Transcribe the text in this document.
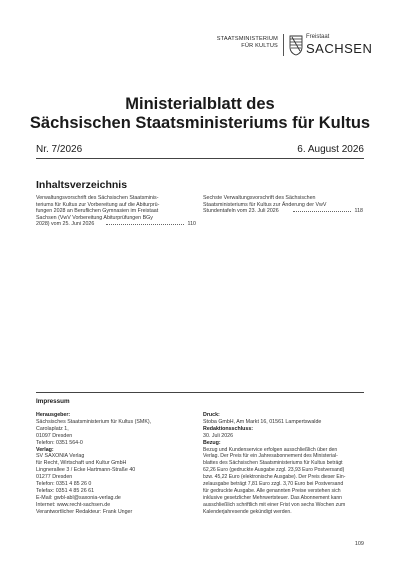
STAATSMINISTERIUM
FÜR KULTUS
Freistaat
SACHSEN
Ministerialblatt des
Sächsischen Staatsministeriums für Kultus
Nr. 7/2026	6. August 2026
Inhaltsverzeichnis
Verwaltungsvorschrift des Sächsischen Staatsminis-
teriums für Kultus zur Vorbereitung auf die Abiturprü-
fungen 2028 an Beruflichen Gymnasien im Freistaat
Sachsen (VwV Vorbereitung Abiturprüfungen BGy
2028) vom 25. Juni 2026	110
Sechste Verwaltungsvorschrift des Sächsischen
Staatsministeriums für Kultus zur Änderung der VwV
Stundentafeln vom 23. Juli 2026	118
Impressum
Herausgeber:
Sächsisches Staatsministerium für Kultus (SMK),
Carolaplatz 1,
01097 Dresden
Telefon: 0351 564-0
Verlag:
SV SAXONIA Verlag
für Recht, Wirtschaft und Kultur GmbH
Lingnerallee 3 / Ecke Hartmann-Straße 40
01277 Dresden
Telefon: 0351 4 85 26 0
Telefax: 0351 4 85 26 61
E-Mail: gwbl-abl@saxonia-verlag.de
Internet: www.recht-sachsen.de
Verantwortlicher Redakteur: Frank Unger
Druck:
Stoba GmbH, Am Markt 16, 01561 Lampertswalde
Redaktionsschluss:
30. Juli 2026
Bezug:
Bezug und Kundenservice erfolgen ausschließlich über den
Verlag. Der Preis für ein Jahresabonnement des Ministerial-
blattes des Sächsischen Staatsministeriums für Kultus beträgt
62,26 Euro (gedruckte Ausgabe zzgl. 23,93 Euro Postversand)
bzw. 45,22 Euro (elektronische Ausgabe). Der Preis dieser Ein-
zelausgabe beträgt 7,81 Euro zzgl. 3,70 Euro bei Postversand
für gedruckte Ausgabe. Alle genannten Preise verstehen sich
inklusive gesetzlicher Mehrwertsteuer. Das Abonnement kann
ausschließlich schriftlich mit einer Frist von sechs Wochen zum
Kalenderjahresende gekündigt werden.
109
